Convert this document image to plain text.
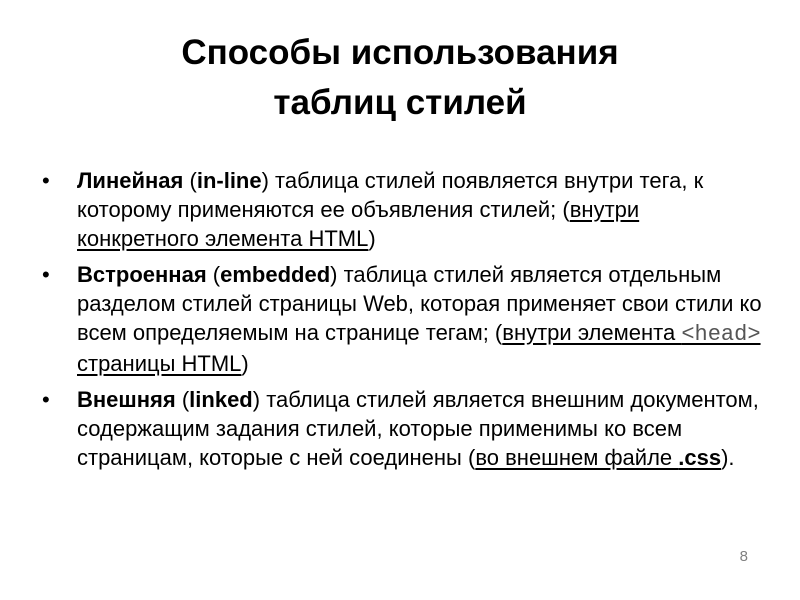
Способы использования
таблиц стилей
• Линейная (in-line) таблица стилей появляется внутри тега, к которому применяются ее объявления стилей; (внутри конкретного элемента HTML)
• Встроенная (embedded) таблица стилей является отдельным разделом стилей страницы Web, которая применяет свои стили ко всем определяемым на странице тегам; (внутри элемента <head> страницы HTML)
• Внешняя (linked) таблица стилей является внешним документом, содержащим задания стилей, которые применимы ко всем страницам, которые с ней соединены (во внешнем файле .css).
8
